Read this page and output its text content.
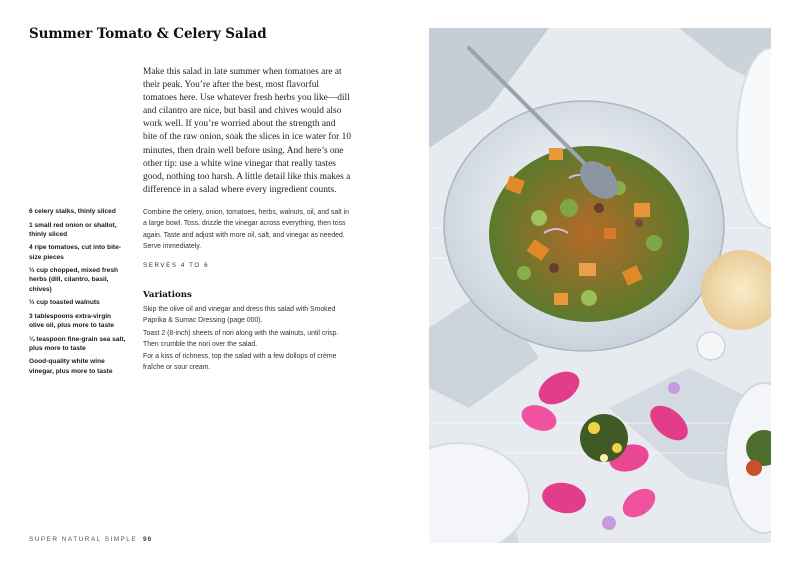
Summer Tomato & Celery Salad

Make this salad in late summer when tomatoes are at their peak. You’re after the best, most flavorful tomatoes here. Use whatever fresh herbs you like—dill and cilantro are nice, but basil and chives would also work well. If you’re worried about the strength and bite of the raw onion, soak the slices in ice water for 10 minutes, then drain well before using. And here’s one other tip: use a white wine vinegar that really tastes good, nothing too harsh. A little detail like this makes a difference in a salad where every ingredient counts.

6 celery stalks, thinly sliced
1 small red onion or shallot, thinly sliced
4 ripe tomatoes, cut into bite-size pieces
⅓ cup chopped, mixed fresh herbs (dill, cilantro, basil, chives)
⅓ cup toasted walnuts
3 tablespoons extra-virgin olive oil, plus more to taste
¼ teaspoon fine-grain sea salt, plus more to taste
Good-quality white wine vinegar, plus more to taste

Combine the celery, onion, tomatoes, herbs, walnuts, oil, and salt in a large bowl. Toss, drizzle the vinegar across everything, then toss again. Taste and adjust with more oil, salt, and vinegar as needed. Serve immediately.

SERVES 4 TO 6

Variations

Skip the olive oil and vinegar and dress this salad with Smoked Paprika & Sumac Dressing (page 000).

Toast 2 (8-inch) sheets of nori along with the walnuts, until crisp. Then crumble the nori over the salad.

For a kiss of richness, top the salad with a few dollops of crème fraîche or sour cream.

SUPER NATURAL SIMPLE 96
